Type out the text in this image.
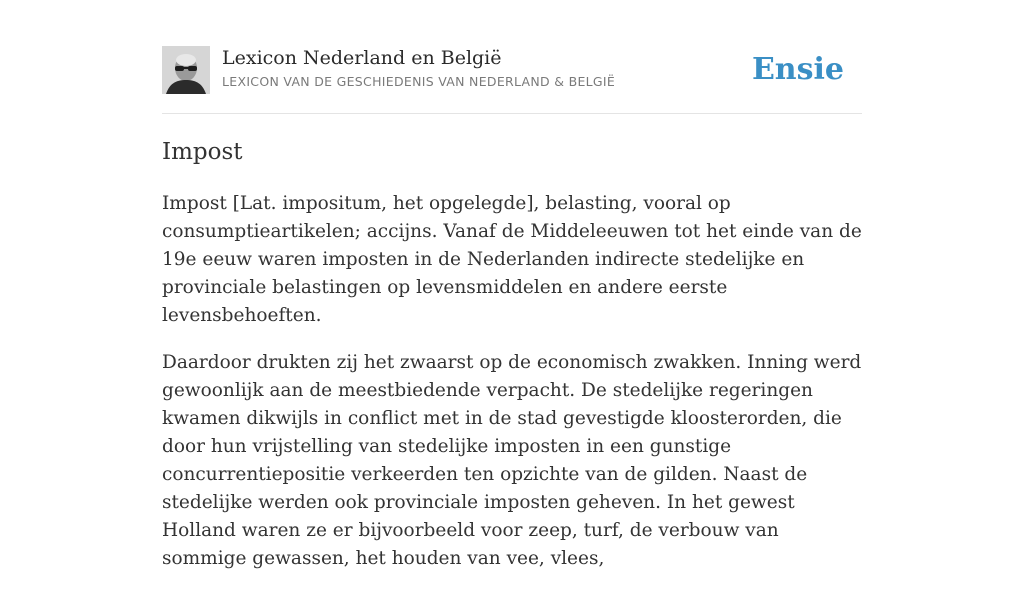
Lexicon Nederland en België
LEXICON VAN DE GESCHIEDENIS VAN NEDERLAND & BELGIË	Ensie
Impost

Impost [Lat. impositum, het opgelegde], belasting, vooral op consumptieartikelen; accijns. Vanaf de Middeleeuwen tot het einde van de 19e eeuw waren imposten in de Nederlanden indirecte stedelijke en provinciale belastingen op levensmiddelen en andere eerste levensbehoeften.

Daardoor drukten zij het zwaarst op de economisch zwakken. Inning werd gewoonlijk aan de meestbiedende verpacht. De stedelijke regeringen kwamen dikwijls in conflict met in de stad gevestigde kloosterorden, die door hun vrijstelling van stedelijke imposten in een gunstige concurrentiepositie verkeerden ten opzichte van de gilden. Naast de stedelijke werden ook provinciale imposten geheven. In het gewest Holland waren ze er bijvoorbeeld voor zeep, turf, de verbouw van sommige gewassen, het houden van vee, vlees,
